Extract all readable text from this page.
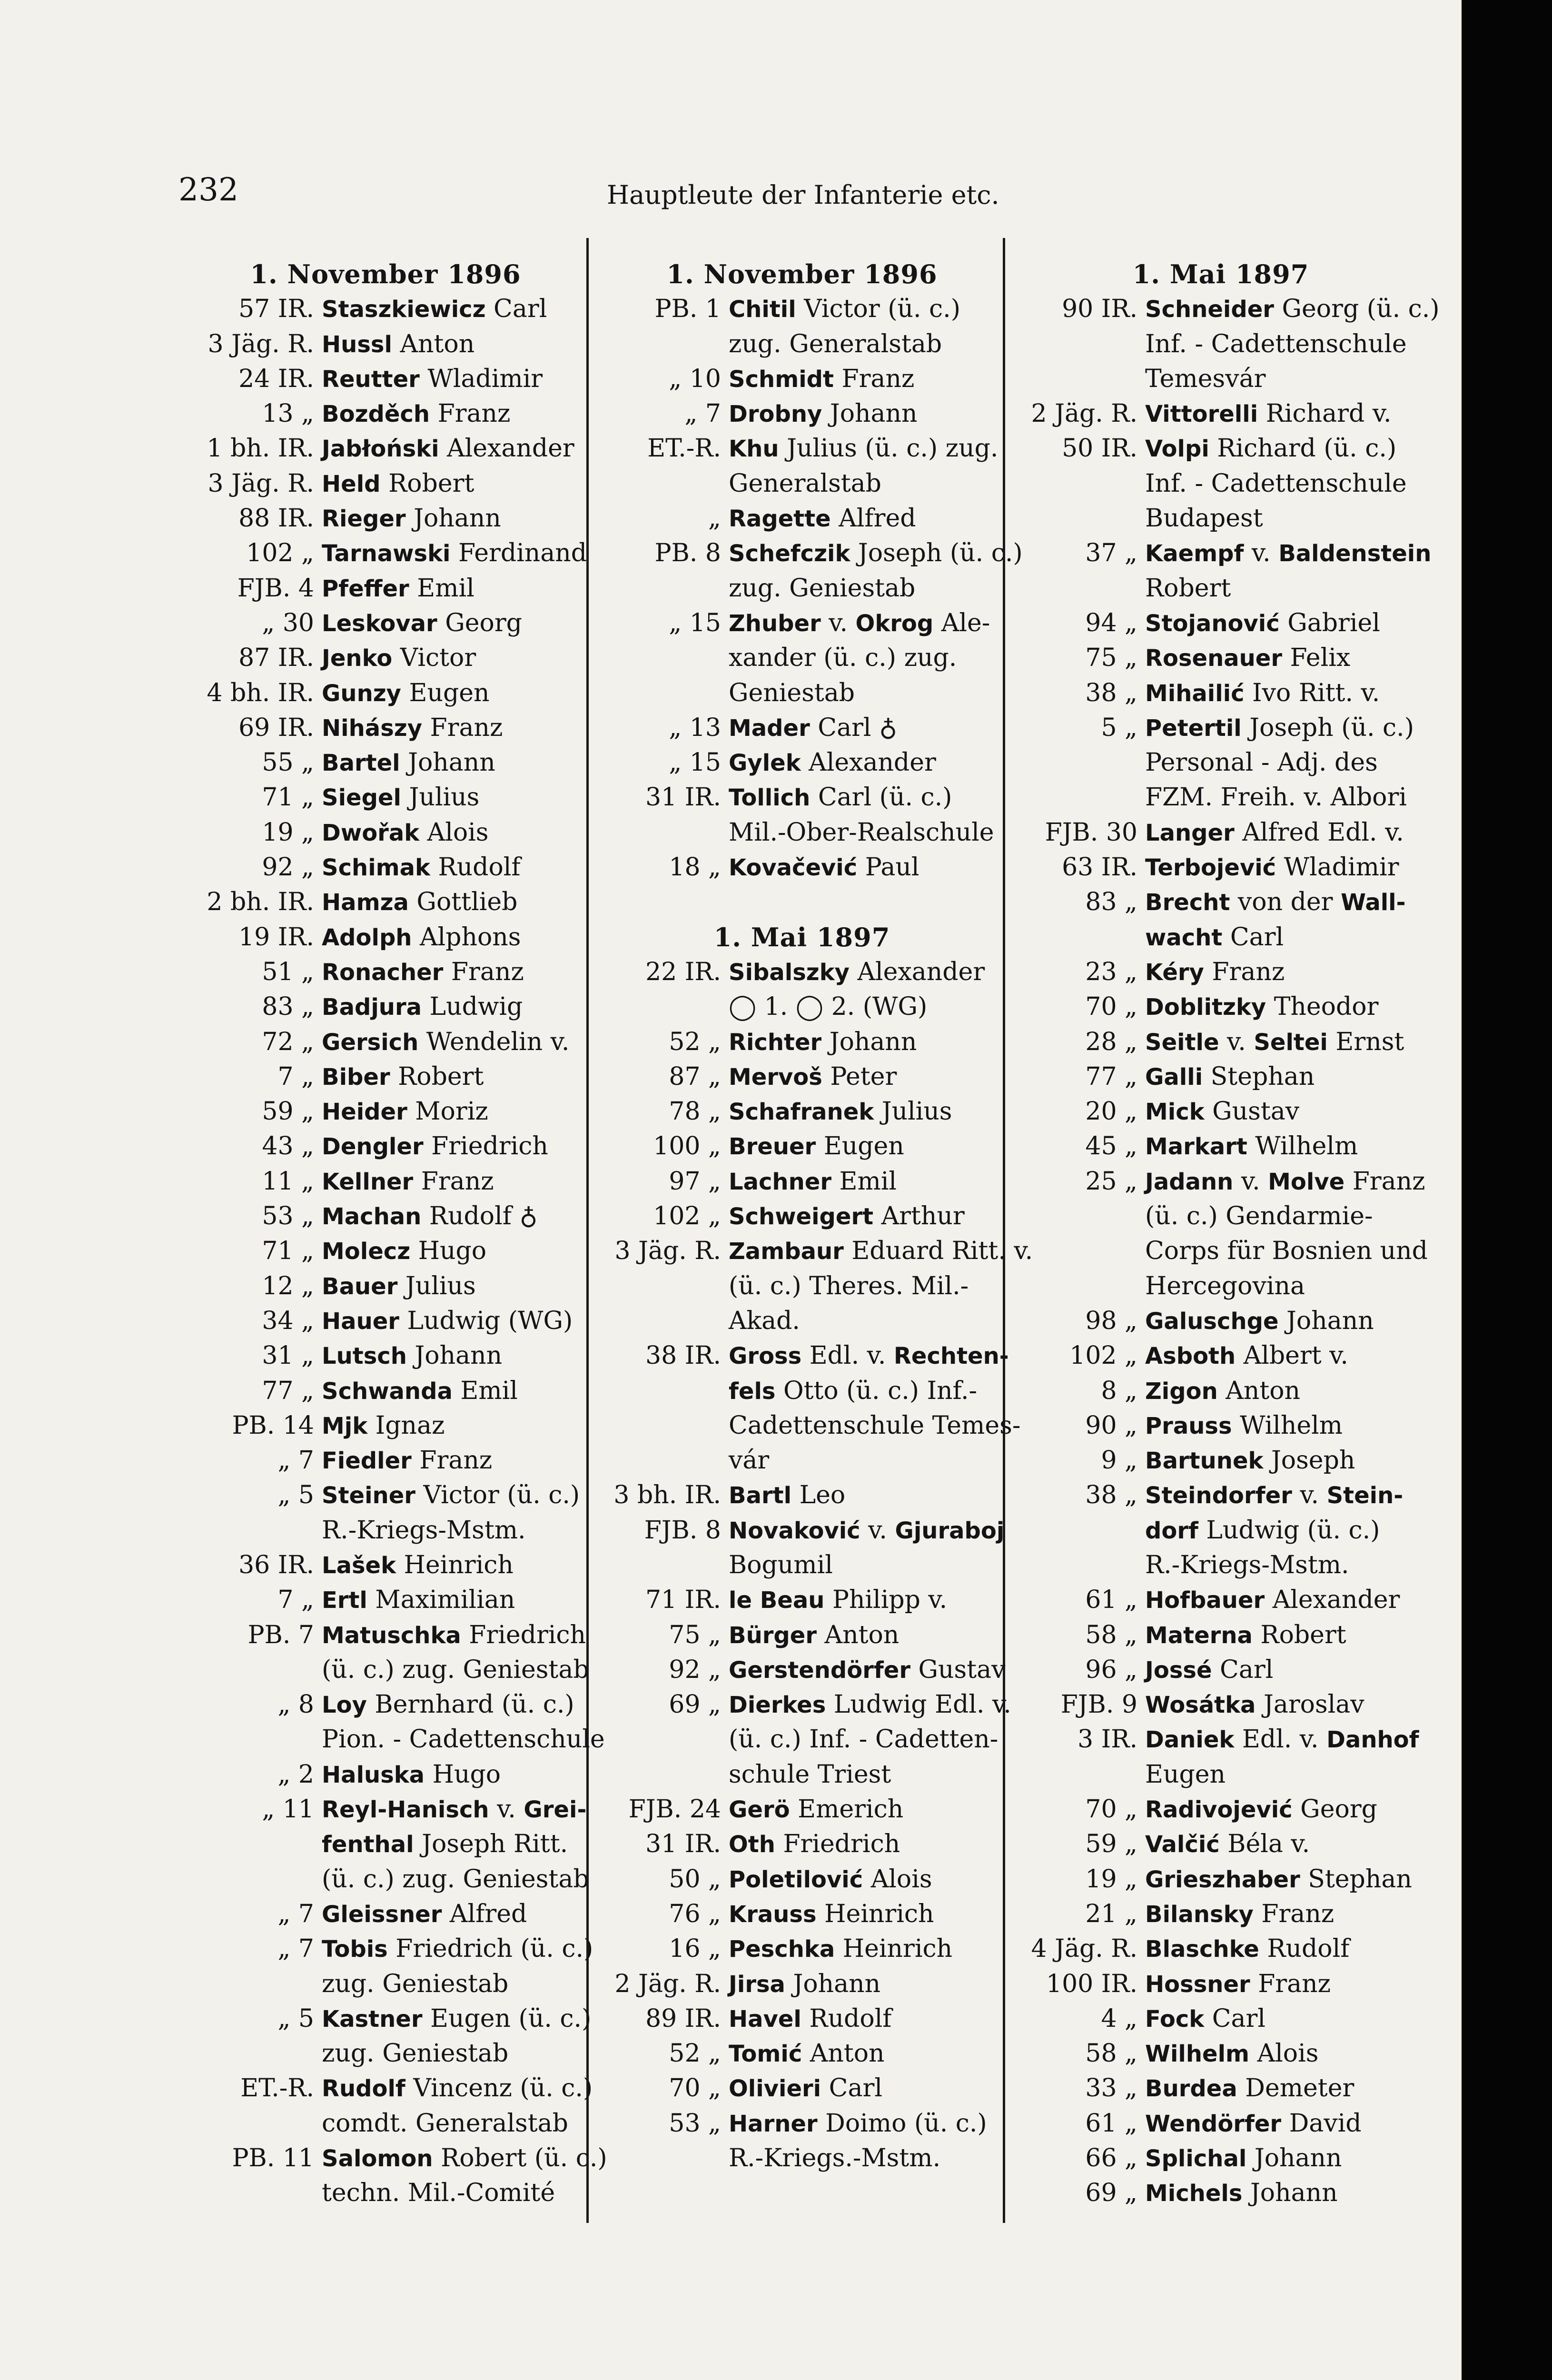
232	Hauptleute der Infanterie etc.
1. November 1896
57 IR. Staszkiewicz Carl
3 Jäg. R. Hussl Anton
24 IR. Reutter Wladimir
13 „ Bozděch Franz
1 bh. IR. Jabłoński Alexander
3 Jäg. R. Held Robert
88 IR. Rieger Johann
102 „ Tarnawski Ferdinand
FJB. 4 Pfeffer Emil
„ 30 Leskovar Georg
87 IR. Jenko Victor
4 bh. IR. Gunzy Eugen
69 IR. Nihászy Franz
55 „ Bartel Johann
71 „ Siegel Julius
19 „ Dwořak Alois
92 „ Schimak Rudolf
2 bh. IR. Hamza Gottlieb
19 IR. Adolph Alphons
51 „ Ronacher Franz
83 „ Badjura Ludwig
72 „ Gersich Wendelin v.
7 „ Biber Robert
59 „ Heider Moriz
43 „ Dengler Friedrich
11 „ Kellner Franz
53 „ Machan Rudolf ♁
71 „ Molecz Hugo
12 „ Bauer Julius
34 „ Hauer Ludwig (WG)
31 „ Lutsch Johann
77 „ Schwanda Emil
PB. 14 Mjk Ignaz
„ 7 Fiedler Franz
„ 5 Steiner Victor (ü. c.)
R.-Kriegs-Mstm.
36 IR. Lašek Heinrich
7 „ Ertl Maximilian
PB. 7 Matuschka Friedrich
(ü. c.) zug. Geniestab
„ 8 Loy Bernhard (ü. c.)
Pion. - Cadettenschule
„ 2 Haluska Hugo
„ 11 Reyl-Hanisch v. Grei-
fenthal Joseph Ritt.
(ü. c.) zug. Geniestab
„ 7 Gleissner Alfred
„ 7 Tobis Friedrich (ü. c.)
zug. Geniestab
„ 5 Kastner Eugen (ü. c.)
zug. Geniestab
ET.-R. Rudolf Vincenz (ü. c.)
comdt. Generalstab
PB. 11 Salomon Robert (ü. c.)
techn. Mil.-Comité
1. November 1896
PB. 1 Chitil Victor (ü. c.)
zug. Generalstab
„ 10 Schmidt Franz
„ 7 Drobny Johann
ET.-R. Khu Julius (ü. c.) zug.
Generalstab
„ Ragette Alfred
PB. 8 Schefczik Joseph (ü. c.)
zug. Geniestab
„ 15 Zhuber v. Okrog Ale-
xander (ü. c.) zug.
Geniestab
„ 13 Mader Carl ♁
„ 15 Gylek Alexander
31 IR. Tollich Carl (ü. c.)
Mil.-Ober-Realschule
18 „ Kovačević Paul
1. Mai 1897
22 IR. Sibalszky Alexander
◯ 1. ◯ 2. (WG)
52 „ Richter Johann
87 „ Mervoš Peter
78 „ Schafranek Julius
100 „ Breuer Eugen
97 „ Lachner Emil
102 „ Schweigert Arthur
3 Jäg. R. Zambaur Eduard Ritt. v.
(ü. c.) Theres. Mil.-
Akad.
38 IR. Gross Edl. v. Rechten-
fels Otto (ü. c.) Inf.-
Cadettenschule Temes-
vár
3 bh. IR. Bartl Leo
FJB. 8 Novaković v. Gjuraboj
Bogumil
71 IR. le Beau Philipp v.
75 „ Bürger Anton
92 „ Gerstendörfer Gustav
69 „ Dierkes Ludwig Edl. v.
(ü. c.) Inf. - Cadetten-
schule Triest
FJB. 24 Gerö Emerich
31 IR. Oth Friedrich
50 „ Poletilović Alois
76 „ Krauss Heinrich
16 „ Peschka Heinrich
2 Jäg. R. Jirsa Johann
89 IR. Havel Rudolf
52 „ Tomić Anton
70 „ Olivieri Carl
53 „ Harner Doimo (ü. c.)
R.-Kriegs.-Mstm.
1. Mai 1897
90 IR. Schneider Georg (ü. c.)
Inf. - Cadettenschule
Temesvár
2 Jäg. R. Vittorelli Richard v.
50 IR. Volpi Richard (ü. c.)
Inf. - Cadettenschule
Budapest
37 „ Kaempf v. Baldenstein
Robert
94 „ Stojanović Gabriel
75 „ Rosenauer Felix
38 „ Mihailić Ivo Ritt. v.
5 „ Petertil Joseph (ü. c.)
Personal - Adj. des
FZM. Freih. v. Albori
FJB. 30 Langer Alfred Edl. v.
63 IR. Terbojević Wladimir
83 „ Brecht von der Wall-
wacht Carl
23 „ Kéry Franz
70 „ Doblitzky Theodor
28 „ Seitle v. Seltei Ernst
77 „ Galli Stephan
20 „ Mick Gustav
45 „ Markart Wilhelm
25 „ Jadann v. Molve Franz
(ü. c.) Gendarmie-
Corps für Bosnien und
Hercegovina
98 „ Galuschge Johann
102 „ Asboth Albert v.
8 „ Zigon Anton
90 „ Prauss Wilhelm
9 „ Bartunek Joseph
38 „ Steindorfer v. Stein-
dorf Ludwig (ü. c.)
R.-Kriegs-Mstm.
61 „ Hofbauer Alexander
58 „ Materna Robert
96 „ Jossé Carl
FJB. 9 Wosátka Jaroslav
3 IR. Daniek Edl. v. Danhof
Eugen
70 „ Radivojević Georg
59 „ Valčić Béla v.
19 „ Grieszhaber Stephan
21 „ Bilansky Franz
4 Jäg. R. Blaschke Rudolf
100 IR. Hossner Franz
4 „ Fock Carl
58 „ Wilhelm Alois
33 „ Burdea Demeter
61 „ Wendörfer David
66 „ Splichal Johann
69 „ Michels Johann
